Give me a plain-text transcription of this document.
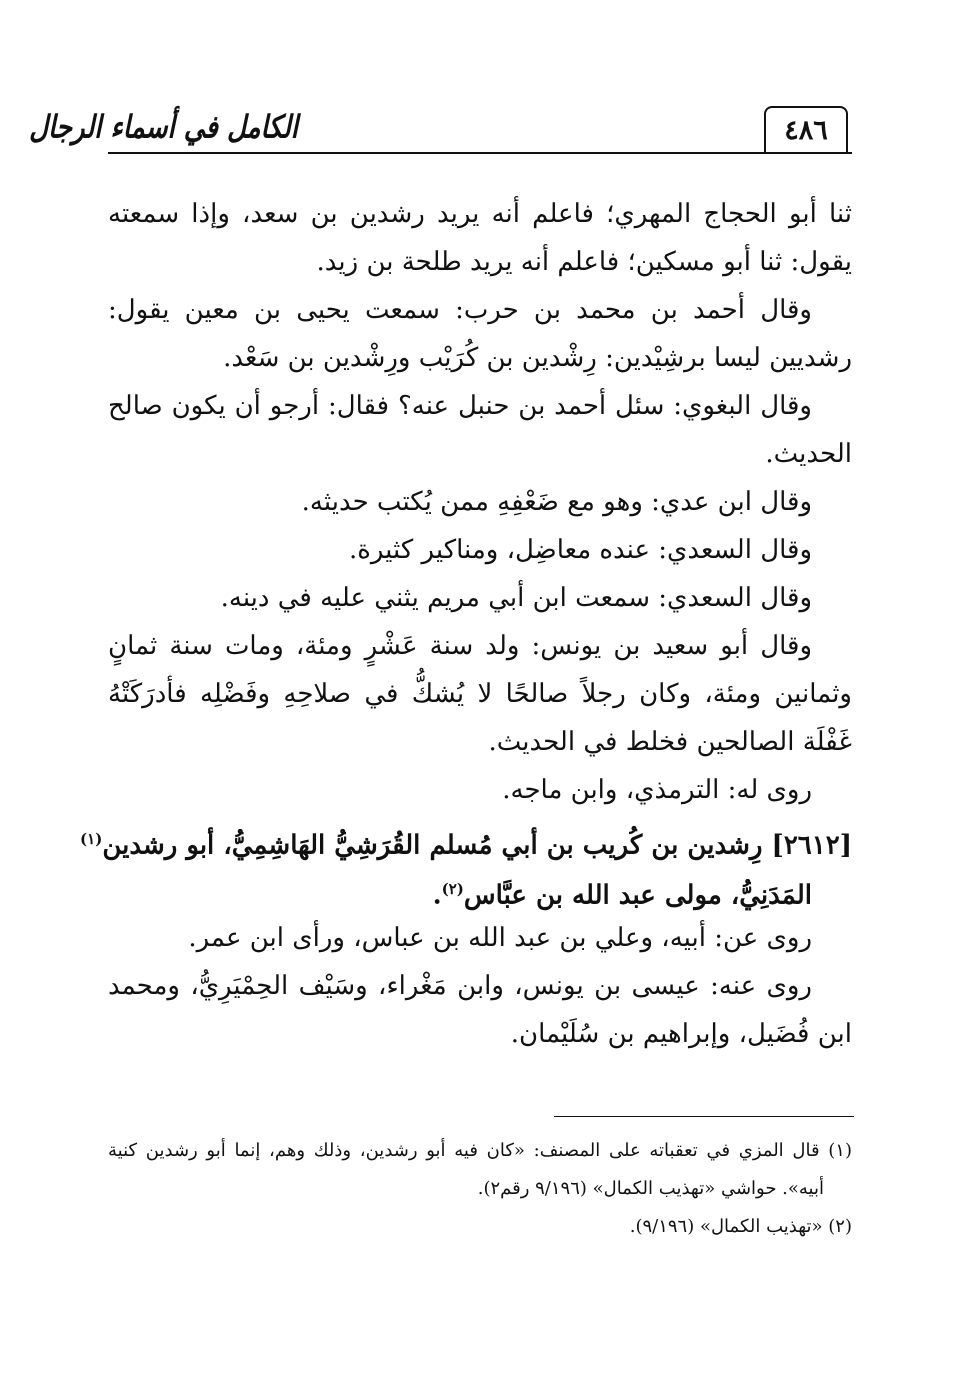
٤٨٦
الكامل في أسماء الرجال
ثنا أبو الحجاج المهري؛ فاعلم أنه يريد رشدين بن سعد، وإذا سمعته
يقول: ثنا أبو مسكين؛ فاعلم أنه يريد طلحة بن زيد.
وقال أحمد بن محمد بن حرب: سمعت يحيى بن معين يقول:
رشديين ليسا برشِيْدين: رِشْدين بن كُرَيْب ورِشْدين بن سَعْد.
وقال البغوي: سئل أحمد بن حنبل عنه؟ فقال: أرجو أن يكون صالح
الحديث.
وقال ابن عدي: وهو مع ضَعْفِهِ ممن يُكتب حديثه.
وقال السعدي: عنده معاضِل، ومناكير كثيرة.
وقال السعدي: سمعت ابن أبي مريم يثني عليه في دينه.
وقال أبو سعيد بن يونس: ولد سنة عَشْرٍ ومئة، ومات سنة ثمانٍ
وثمانين ومئة، وكان رجلاً صالحًا لا يُشكُّ في صلاحِهِ وفَضْلِه فأدرَكَتْهُ
غَفْلَة الصالحين فخلط في الحديث.
روى له: الترمذي، وابن ماجه.
[٢٦١٢] رِشدين بن كُريب بن أبي مُسلم القُرَشِيُّ الهَاشِمِيُّ، أبو رشدين$^{(١)}$
المَدَنِيُّ، مولى عبد الله بن عبَّاس$^{(٢)}$.
روى عن: أبيه، وعلي بن عبد الله بن عباس، ورأى ابن عمر.
روى عنه: عيسى بن يونس، وابن مَغْراء، وسَيْف الحِمْيَرِيُّ، ومحمد
ابن فُضَيل، وإبراهيم بن سُلَيْمان.
(١) قال المزي في تعقباته على المصنف: «كان فيه أبو رشدين، وذلك وهم، إنما أبو رشدين كنية
أبيه». حواشي «تهذيب الكمال» (٩/١٩٦ رقم٢).
(٢) «تهذيب الكمال» (٩/١٩٦).
